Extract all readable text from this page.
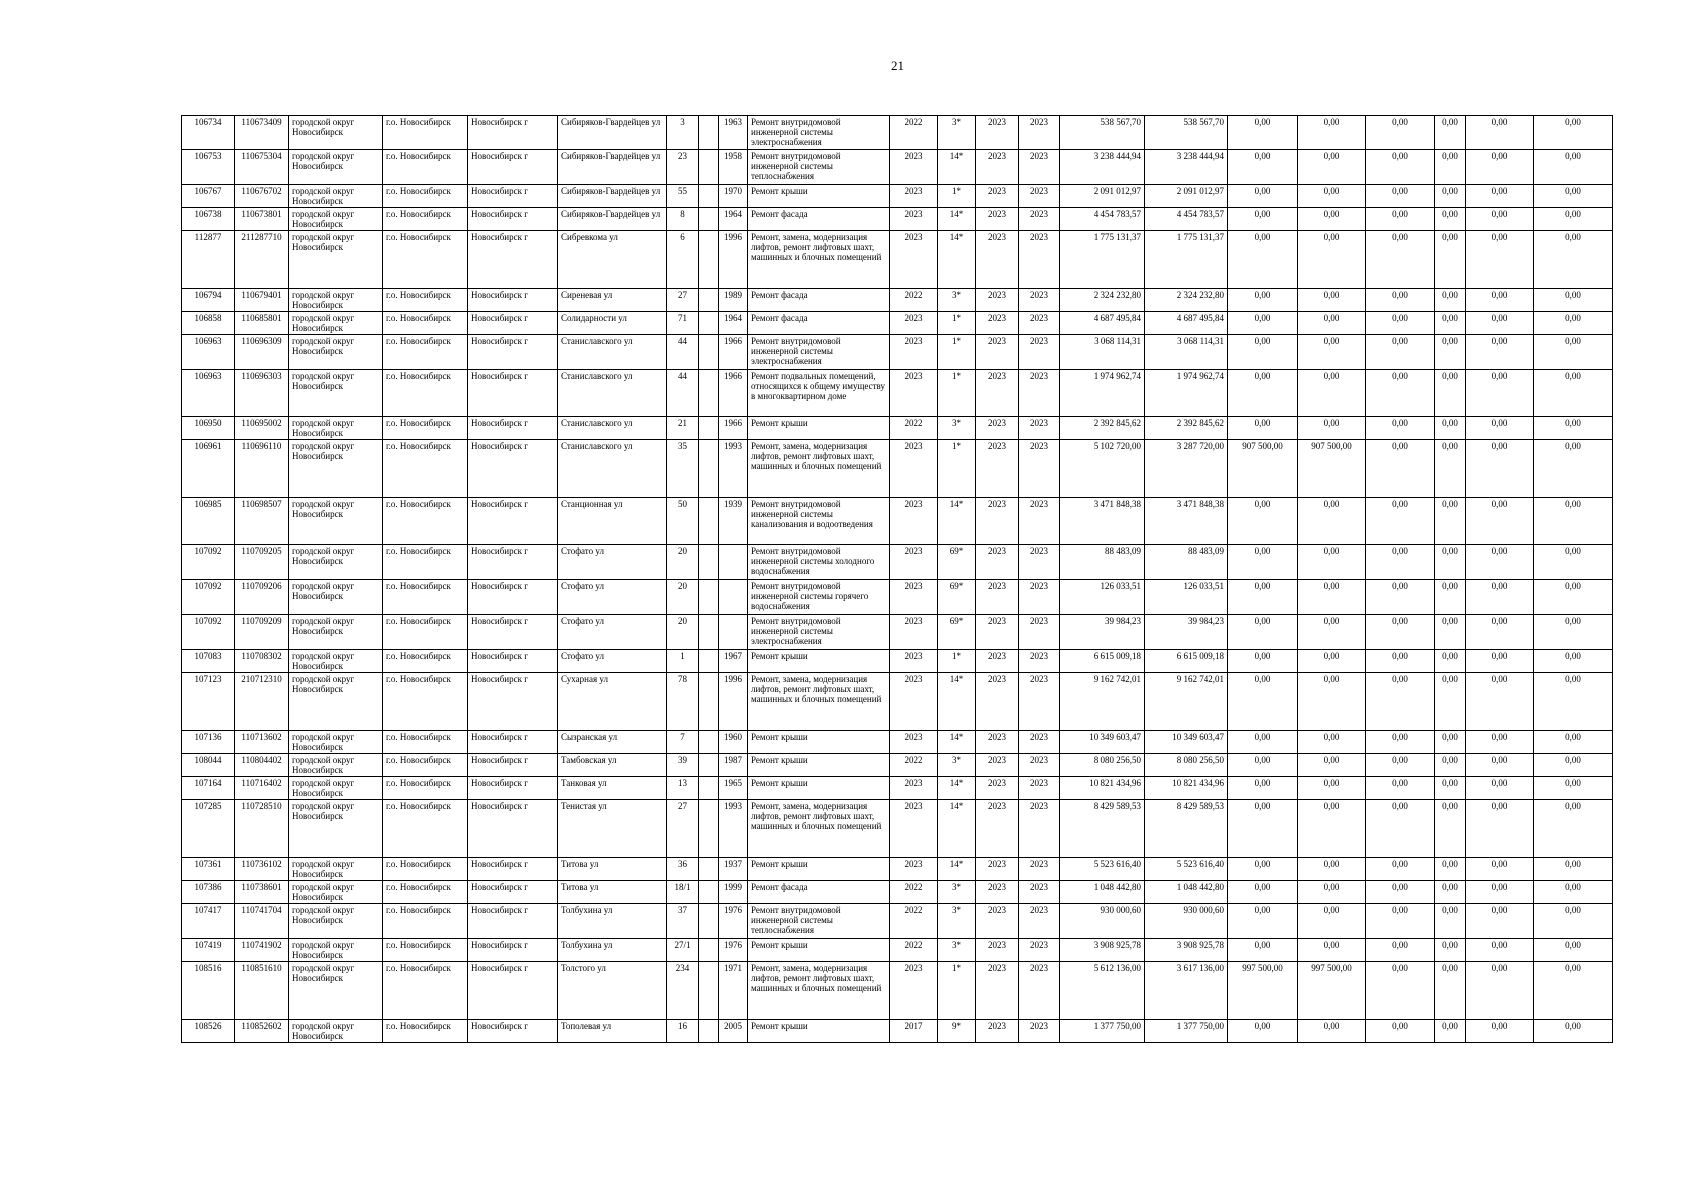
21
106734	110673409	городской округ Новосибирск	г.о. Новосибирск	Новосибирск г	Сибиряков-Гвардейцев ул	3		1963	Ремонт внутридомовой инженерной системы электроснабжения	2022	3*	2023	2023	538 567,70	538 567,70	0,00	0,00	0,00	0,00	0,00	0,00
106753	110675304	городской округ Новосибирск	г.о. Новосибирск	Новосибирск г	Сибиряков-Гвардейцев ул	23		1958	Ремонт внутридомовой инженерной системы теплоснабжения	2023	14*	2023	2023	3 238 444,94	3 238 444,94	0,00	0,00	0,00	0,00	0,00	0,00
106767	110676702	городской округ Новосибирск	г.о. Новосибирск	Новосибирск г	Сибиряков-Гвардейцев ул	55		1970	Ремонт крыши	2023	1*	2023	2023	2 091 012,97	2 091 012,97	0,00	0,00	0,00	0,00	0,00	0,00
106738	110673801	городской округ Новосибирск	г.о. Новосибирск	Новосибирск г	Сибиряков-Гвардейцев ул	8		1964	Ремонт фасада	2023	14*	2023	2023	4 454 783,57	4 454 783,57	0,00	0,00	0,00	0,00	0,00	0,00
112877	211287710	городской округ Новосибирск	г.о. Новосибирск	Новосибирск г	Сибревкома ул	6		1996	Ремонт, замена, модернизация лифтов, ремонт лифтовых шахт, машинных и блочных помещений	2023	14*	2023	2023	1 775 131,37	1 775 131,37	0,00	0,00	0,00	0,00	0,00	0,00
106794	110679401	городской округ Новосибирск	г.о. Новосибирск	Новосибирск г	Сиреневая ул	27		1989	Ремонт фасада	2022	3*	2023	2023	2 324 232,80	2 324 232,80	0,00	0,00	0,00	0,00	0,00	0,00
106858	110685801	городской округ Новосибирск	г.о. Новосибирск	Новосибирск г	Солидарности ул	71		1964	Ремонт фасада	2023	1*	2023	2023	4 687 495,84	4 687 495,84	0,00	0,00	0,00	0,00	0,00	0,00
106963	110696309	городской округ Новосибирск	г.о. Новосибирск	Новосибирск г	Станиславского ул	44		1966	Ремонт внутридомовой инженерной системы электроснабжения	2023	1*	2023	2023	3 068 114,31	3 068 114,31	0,00	0,00	0,00	0,00	0,00	0,00
106963	110696303	городской округ Новосибирск	г.о. Новосибирск	Новосибирск г	Станиславского ул	44		1966	Ремонт подвальных помещений, относящихся к общему имуществу в многоквартирном доме	2023	1*	2023	2023	1 974 962,74	1 974 962,74	0,00	0,00	0,00	0,00	0,00	0,00
106950	110695002	городской округ Новосибирск	г.о. Новосибирск	Новосибирск г	Станиславского ул	21		1966	Ремонт крыши	2022	3*	2023	2023	2 392 845,62	2 392 845,62	0,00	0,00	0,00	0,00	0,00	0,00
106961	110696110	городской округ Новосибирск	г.о. Новосибирск	Новосибирск г	Станиславского ул	35		1993	Ремонт, замена, модернизация лифтов, ремонт лифтовых шахт, машинных и блочных помещений	2023	1*	2023	2023	5 102 720,00	3 287 720,00	907 500,00	907 500,00	0,00	0,00	0,00	0,00
106985	110698507	городской округ Новосибирск	г.о. Новосибирск	Новосибирск г	Станционная ул	50		1939	Ремонт внутридомовой инженерной системы канализования и водоотведения	2023	14*	2023	2023	3 471 848,38	3 471 848,38	0,00	0,00	0,00	0,00	0,00	0,00
107092	110709205	городской округ Новосибирск	г.о. Новосибирск	Новосибирск г	Стофато ул	20			Ремонт внутридомовой инженерной системы холодного водоснабжения	2023	69*	2023	2023	88 483,09	88 483,09	0,00	0,00	0,00	0,00	0,00	0,00
107092	110709206	городской округ Новосибирск	г.о. Новосибирск	Новосибирск г	Стофато ул	20			Ремонт внутридомовой инженерной системы горячего водоснабжения	2023	69*	2023	2023	126 033,51	126 033,51	0,00	0,00	0,00	0,00	0,00	0,00
107092	110709209	городской округ Новосибирск	г.о. Новосибирск	Новосибирск г	Стофато ул	20			Ремонт внутридомовой инженерной системы электроснабжения	2023	69*	2023	2023	39 984,23	39 984,23	0,00	0,00	0,00	0,00	0,00	0,00
107083	110708302	городской округ Новосибирск	г.о. Новосибирск	Новосибирск г	Стофато ул	1		1967	Ремонт крыши	2023	1*	2023	2023	6 615 009,18	6 615 009,18	0,00	0,00	0,00	0,00	0,00	0,00
107123	210712310	городской округ Новосибирск	г.о. Новосибирск	Новосибирск г	Сухарная ул	78		1996	Ремонт, замена, модернизация лифтов, ремонт лифтовых шахт, машинных и блочных помещений	2023	14*	2023	2023	9 162 742,01	9 162 742,01	0,00	0,00	0,00	0,00	0,00	0,00
107136	110713602	городской округ Новосибирск	г.о. Новосибирск	Новосибирск г	Сызранская ул	7		1960	Ремонт крыши	2023	14*	2023	2023	10 349 603,47	10 349 603,47	0,00	0,00	0,00	0,00	0,00	0,00
108044	110804402	городской округ Новосибирск	г.о. Новосибирск	Новосибирск г	Тамбовская ул	39		1987	Ремонт крыши	2022	3*	2023	2023	8 080 256,50	8 080 256,50	0,00	0,00	0,00	0,00	0,00	0,00
107164	110716402	городской округ Новосибирск	г.о. Новосибирск	Новосибирск г	Танковая ул	13		1965	Ремонт крыши	2023	14*	2023	2023	10 821 434,96	10 821 434,96	0,00	0,00	0,00	0,00	0,00	0,00
107285	110728510	городской округ Новосибирск	г.о. Новосибирск	Новосибирск г	Тенистая ул	27		1993	Ремонт, замена, модернизация лифтов, ремонт лифтовых шахт, машинных и блочных помещений	2023	14*	2023	2023	8 429 589,53	8 429 589,53	0,00	0,00	0,00	0,00	0,00	0,00
107361	110736102	городской округ Новосибирск	г.о. Новосибирск	Новосибирск г	Титова ул	36		1937	Ремонт крыши	2023	14*	2023	2023	5 523 616,40	5 523 616,40	0,00	0,00	0,00	0,00	0,00	0,00
107386	110738601	городской округ Новосибирск	г.о. Новосибирск	Новосибирск г	Титова ул	18/1		1999	Ремонт фасада	2022	3*	2023	2023	1 048 442,80	1 048 442,80	0,00	0,00	0,00	0,00	0,00	0,00
107417	110741704	городской округ Новосибирск	г.о. Новосибирск	Новосибирск г	Толбухина ул	37		1976	Ремонт внутридомовой инженерной системы теплоснабжения	2022	3*	2023	2023	930 000,60	930 000,60	0,00	0,00	0,00	0,00	0,00	0,00
107419	110741902	городской округ Новосибирск	г.о. Новосибирск	Новосибирск г	Толбухина ул	27/1		1976	Ремонт крыши	2022	3*	2023	2023	3 908 925,78	3 908 925,78	0,00	0,00	0,00	0,00	0,00	0,00
108516	110851610	городской округ Новосибирск	г.о. Новосибирск	Новосибирск г	Толстого ул	234		1971	Ремонт, замена, модернизация лифтов, ремонт лифтовых шахт, машинных и блочных помещений	2023	1*	2023	2023	5 612 136,00	3 617 136,00	997 500,00	997 500,00	0,00	0,00	0,00	0,00
108526	110852602	городской округ Новосибирск	г.о. Новосибирск	Новосибирск г	Тополевая ул	16		2005	Ремонт крыши	2017	9*	2023	2023	1 377 750,00	1 377 750,00	0,00	0,00	0,00	0,00	0,00	0,00
